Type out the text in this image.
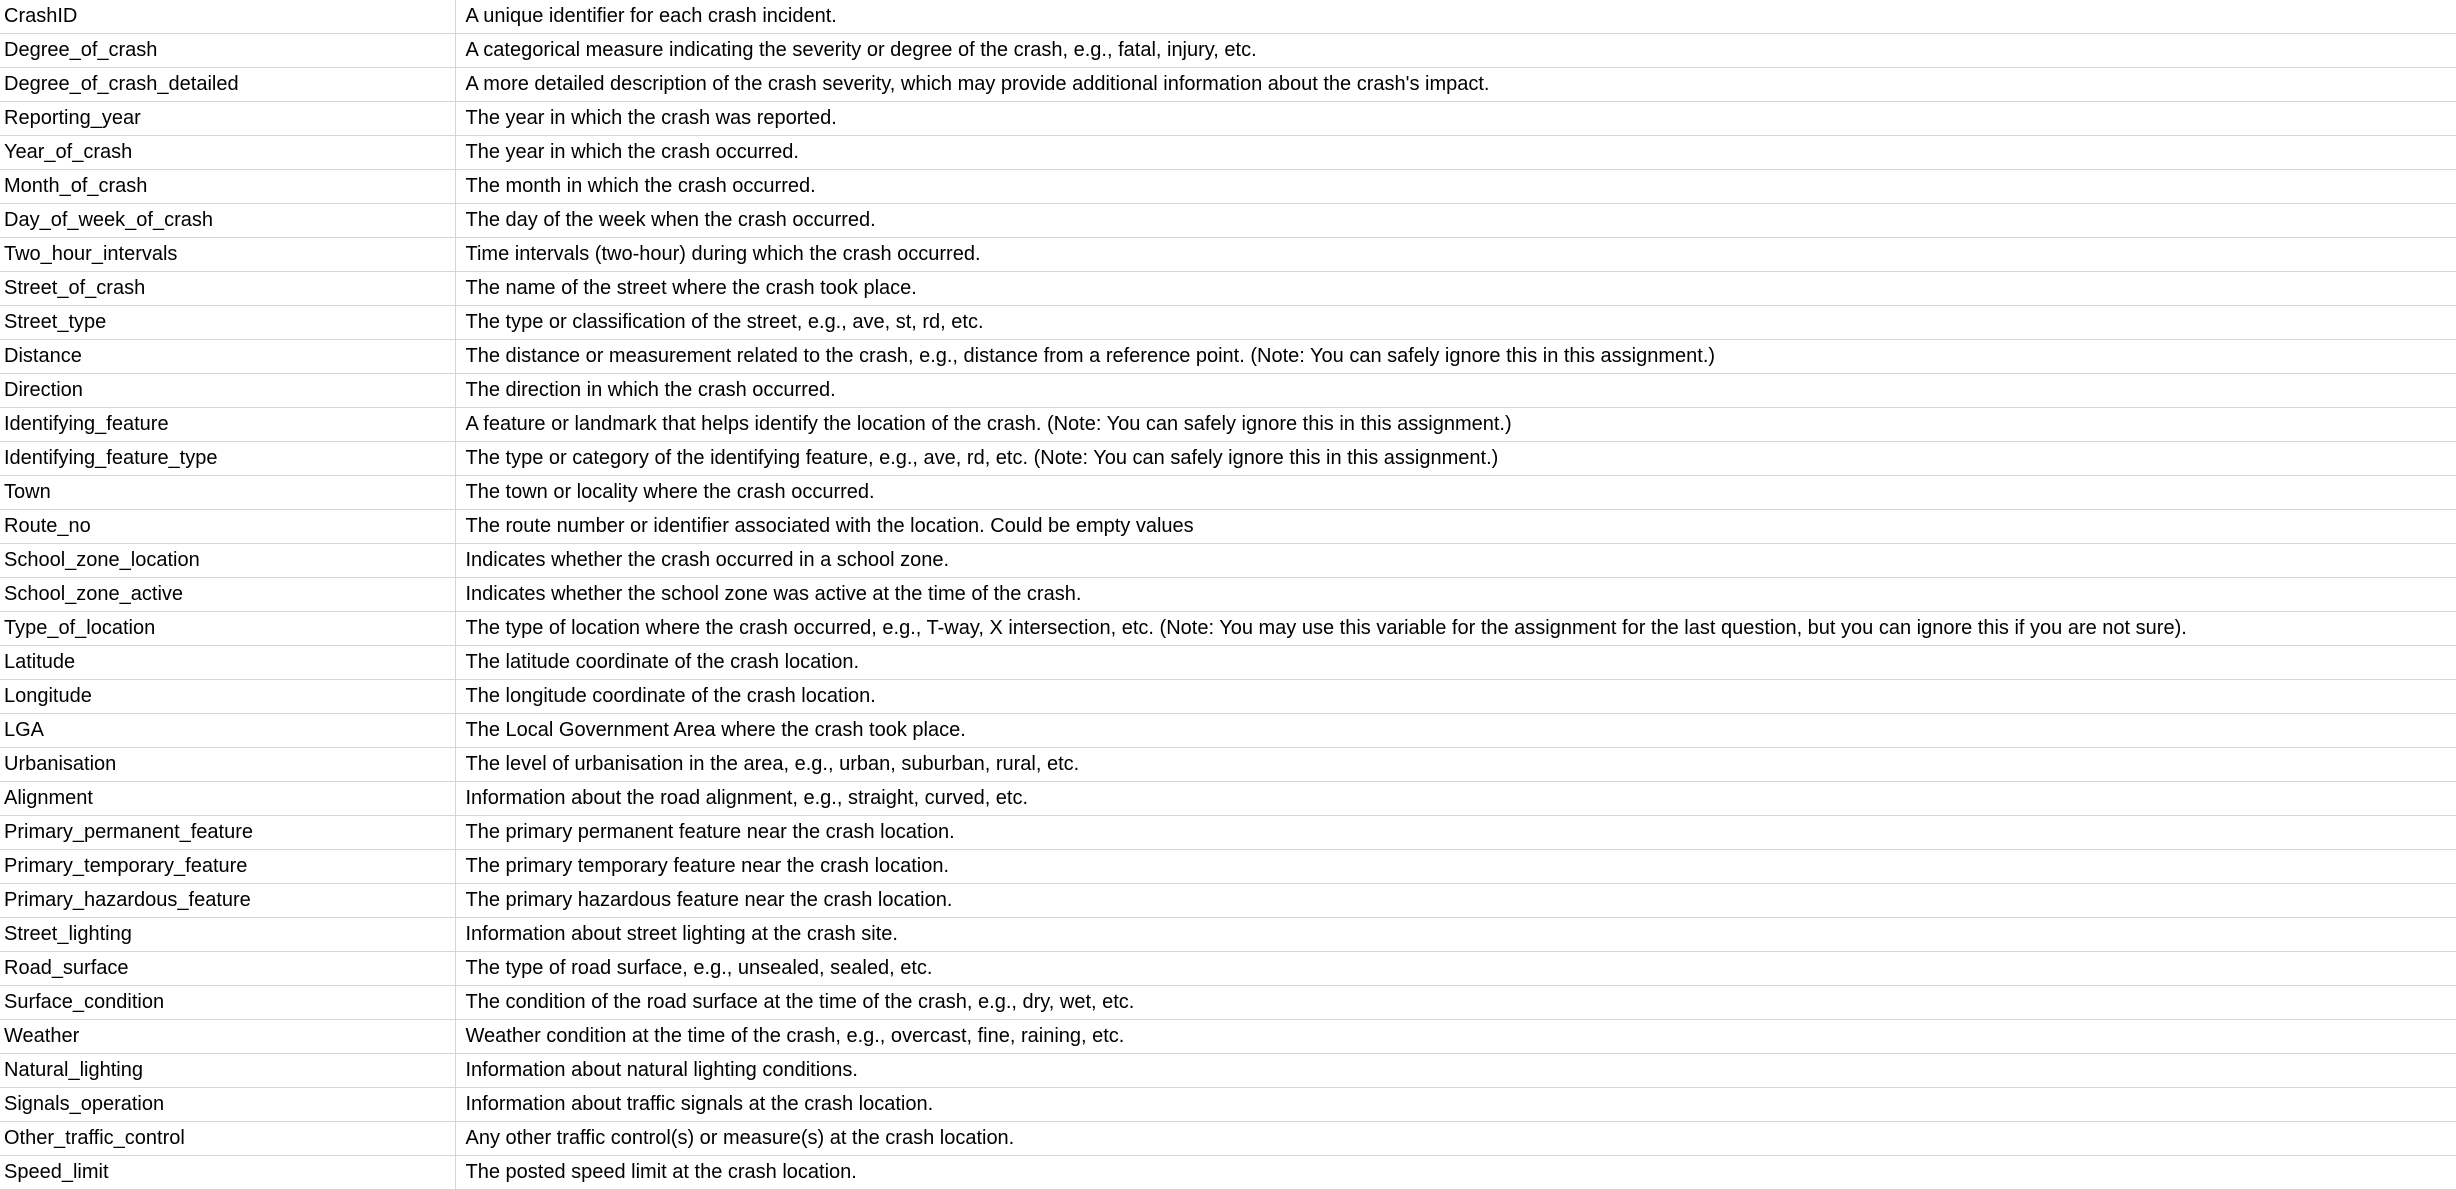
CrashID	A unique identifier for each crash incident.
Degree_of_crash	A categorical measure indicating the severity or degree of the crash, e.g., fatal, injury, etc.
Degree_of_crash_detailed	A more detailed description of the crash severity, which may provide additional information about the crash's impact.
Reporting_year	The year in which the crash was reported.
Year_of_crash	The year in which the crash occurred.
Month_of_crash	The month in which the crash occurred.
Day_of_week_of_crash	The day of the week when the crash occurred.
Two_hour_intervals	Time intervals (two-hour) during which the crash occurred.
Street_of_crash	The name of the street where the crash took place.
Street_type	The type or classification of the street, e.g., ave, st, rd, etc.
Distance	The distance or measurement related to the crash, e.g., distance from a reference point. (Note: You can safely ignore this in this assignment.)
Direction	The direction in which the crash occurred.
Identifying_feature	A feature or landmark that helps identify the location of the crash. (Note: You can safely ignore this in this assignment.)
Identifying_feature_type	The type or category of the identifying feature, e.g., ave, rd, etc. (Note: You can safely ignore this in this assignment.)
Town	The town or locality where the crash occurred.
Route_no	The route number or identifier associated with the location. Could be empty values
School_zone_location	Indicates whether the crash occurred in a school zone.
School_zone_active	Indicates whether the school zone was active at the time of the crash.
Type_of_location	The type of location where the crash occurred, e.g., T-way, X intersection, etc. (Note: You may use this variable for the assignment for the last question, but you can ignore this if you are not sure).
Latitude	The latitude coordinate of the crash location.
Longitude	The longitude coordinate of the crash location.
LGA	The Local Government Area where the crash took place.
Urbanisation	The level of urbanisation in the area, e.g., urban, suburban, rural, etc.
Alignment	Information about the road alignment, e.g., straight, curved, etc.
Primary_permanent_feature	The primary permanent feature near the crash location.
Primary_temporary_feature	The primary temporary feature near the crash location.
Primary_hazardous_feature	The primary hazardous feature near the crash location.
Street_lighting	Information about street lighting at the crash site.
Road_surface	The type of road surface, e.g., unsealed, sealed, etc.
Surface_condition	The condition of the road surface at the time of the crash, e.g., dry, wet, etc.
Weather	Weather condition at the time of the crash, e.g., overcast, fine, raining, etc.
Natural_lighting	Information about natural lighting conditions.
Signals_operation	Information about traffic signals at the crash location.
Other_traffic_control	Any other traffic control(s) or measure(s) at the crash location.
Speed_limit	The posted speed limit at the crash location.
